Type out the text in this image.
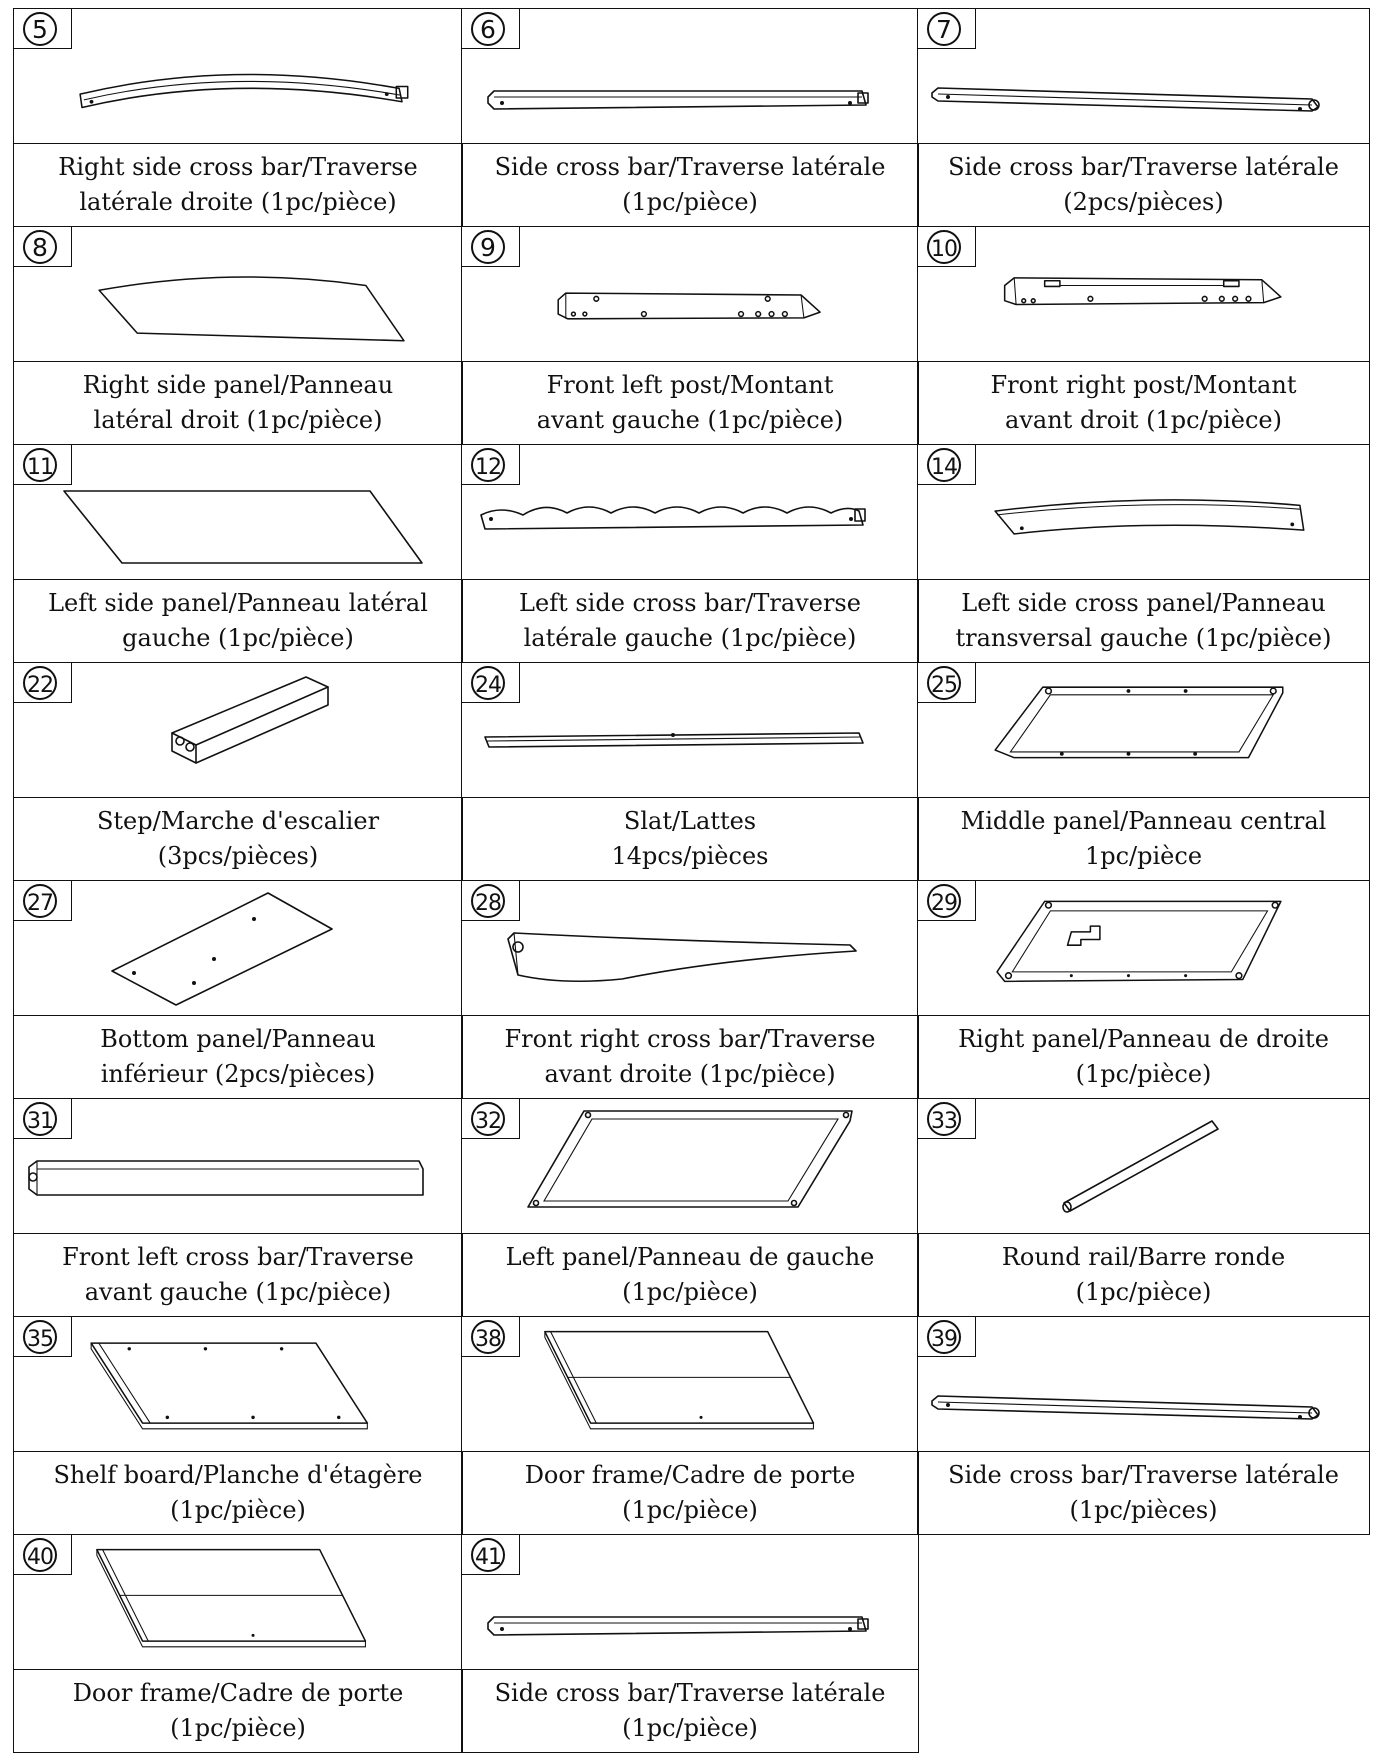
5
Right side cross bar/Traverse
latérale droite (1pc/pièce)
6
Side cross bar/Traverse latérale
(1pc/pièce)
7
Side cross bar/Traverse latérale
(2pcs/pièces)
8
Right side panel/Panneau
latéral droit (1pc/pièce)
9
Front left post/Montant
avant gauche (1pc/pièce)
10
Front right post/Montant
avant droit (1pc/pièce)
11
Left side panel/Panneau latéral
gauche (1pc/pièce)
12
Left side cross bar/Traverse
latérale gauche (1pc/pièce)
14
Left side cross panel/Panneau
transversal gauche (1pc/pièce)
22
Step/Marche d'escalier
(3pcs/pièces)
24
Slat/Lattes
14pcs/pièces
25
Middle panel/Panneau central
1pc/pièce
27
Bottom panel/Panneau
inférieur (2pcs/pièces)
28
Front right cross bar/Traverse
avant droite (1pc/pièce)
29
Right panel/Panneau de droite
(1pc/pièce)
31
Front left cross bar/Traverse
avant gauche (1pc/pièce)
32
Left panel/Panneau de gauche
(1pc/pièce)
33
Round rail/Barre ronde
(1pc/pièce)
35
Shelf board/Planche d'étagère
(1pc/pièce)
38
Door frame/Cadre de porte
(1pc/pièce)
39
Side cross bar/Traverse latérale
(1pc/pièces)
40
Door frame/Cadre de porte
(1pc/pièce)
41
Side cross bar/Traverse latérale
(1pc/pièce)
